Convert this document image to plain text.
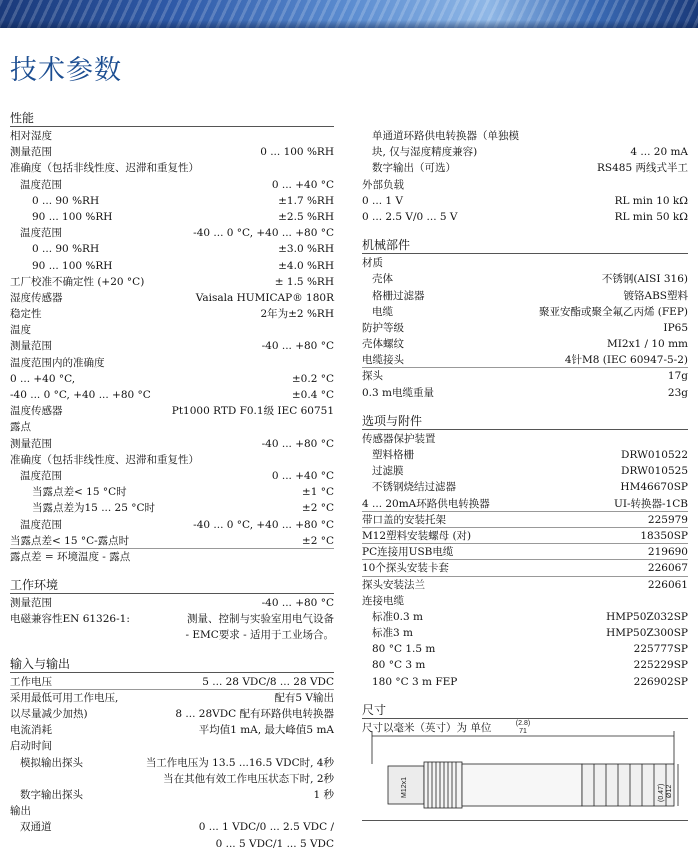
技术参数
性能
相对湿度
测量范围	0 ... 100 %RH
准确度（包括非线性度、迟滞和重复性）
温度范围	0 ... +40 °C
0 ... 90 %RH	±1.7 %RH
90 ... 100 %RH	±2.5 %RH
温度范围	-40 ... 0 °C, +40 ... +80 °C
0 ... 90 %RH	±3.0 %RH
90 ... 100 %RH	±4.0 %RH
工厂校准不确定性 (+20 °C)	± 1.5 %RH
湿度传感器	Vaisala HUMICAP® 180R
稳定性	2年为±2 %RH
温度
测量范围	-40 ... +80 °C
温度范围内的准确度
0 ... +40 °C,	±0.2 °C
-40 ... 0 °C, +40 ... +80 °C	±0.4 °C
温度传感器	Pt1000 RTD F0.1级 IEC 60751
露点
测量范围	-40 ... +80 °C
准确度（包括非线性度、迟滞和重复性）
温度范围	0 ... +40 °C
当露点差< 15 °C时	±1 °C
当露点差为15 ... 25 °C时	±2 °C
温度范围	-40 ... 0 °C, +40 ... +80 °C
当露点差< 15 °C-露点时	±2 °C
露点差 = 环境温度 - 露点
工作环境
测量范围	-40 ... +80 °C
电磁兼容性EN 61326-1:	测量、控制与实验室用电气设备
- EMC要求 - 适用于工业场合。
输入与输出
工作电压	5 ... 28 VDC/8 ... 28 VDC
采用最低可用工作电压,	配有5 V输出
以尽量减少加热)	8 ... 28VDC 配有环路供电转换器
电流消耗	平均值1 mA, 最大峰值5 mA
启动时间
模拟输出探头	当工作电压为 13.5 ...16.5 VDC时, 4秒
当在其他有效工作电压状态下时, 2秒
数字输出探头	1 秒
输出
双通道	0 ... 1 VDC/0 ... 2.5 VDC /
0 ... 5 VDC/1 ... 5 VDC
单通道环路供电转换器（单独模
块, 仅与湿度精度兼容)	4 ... 20 mA
数字输出（可选）	RS485 两线式半工
外部负载
0 ... 1 V	RL min 10 kΩ
0 ... 2.5 V/0 ... 5 V	RL min 50 kΩ
机械部件
材质
壳体	不锈钢(AISI 316)
格栅过滤器	镀铬ABS塑料
电缆	聚亚安酯或聚全氟乙丙烯 (FEP)
防护等级	IP65
壳体螺纹	MI2x1 / 10 mm
电缆接头	4针M8 (IEC 60947-5-2)
探头	17g
0.3 m电缆重量	23g
选项与附件
传感器保护装置
塑料格栅	DRW010522
过滤膜	DRW010525
不锈钢烧结过滤器	HM46670SP
4 ... 20mA环路供电转换器	UI-转换器-1CB
带口盖的安装托架	225979
M12塑料安装螺母 (对)	18350SP
PC连接用USB电缆	219690
10个探头安装卡套	226067
探头安装法兰	226061
连接电缆
标准0.3 m	HMP50Z032SP
标准3 m	HMP50Z300SP
80 °C 1.5 m	225777SP
80 °C 3 m	225229SP
180 °C 3 m FEP	226902SP
尺寸
尺寸以毫米（英寸）为 单位	(2.8)
71
M12x1	(0.47) Ø12
